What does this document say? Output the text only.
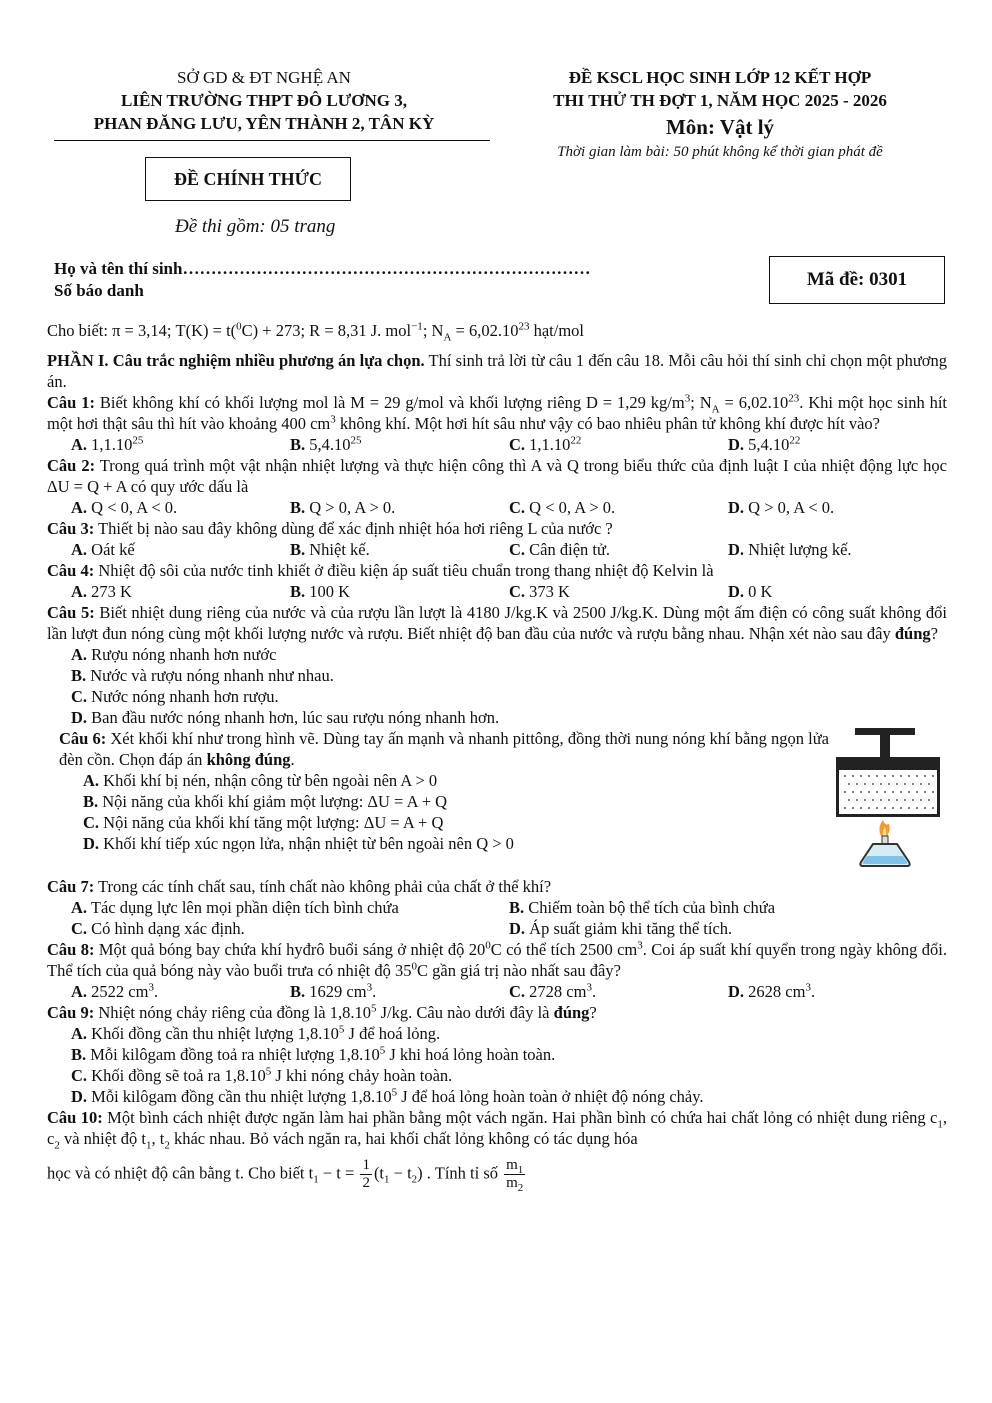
SỞ GD & ĐT NGHỆ AN
LIÊN TRƯỜNG THPT ĐÔ LƯƠNG 3,
PHAN ĐĂNG LƯU, YÊN THÀNH 2, TÂN KỲ
ĐỀ CHÍNH THỨC
Đề thi gồm: 05 trang
ĐỀ KSCL HỌC SINH LỚP 12 KẾT HỢP
THI THỬ TH ĐỢT 1, NĂM HỌC 2025 - 2026
Môn: Vật lý
Thời gian làm bài: 50 phút không kể thời gian phát đề
Họ và tên thí sinh………………………………………………………………
Số báo danh
Mã đề: 0301
Cho biết: π = 3,14; T(K) = t($^0$C) + 273; R = 8,31 J. mol$^{-1}$; $N_A = 6,02.10^{23}$ hạt/mol
PHẦN I. Câu trắc nghiệm nhiều phương án lựa chọn. Thí sinh trả lời từ câu 1 đến câu 18. Mỗi câu hỏi thí sinh chỉ chọn một phương án.
Câu 1: Biết không khí có khối lượng mol là M = 29 g/mol và khối lượng riêng D = 1,29 $kg/m^3$; $N_A = 6,02.10^{23}$. Khi một học sinh hít một hơi thật sâu thì hít vào khoảng 400 $cm^3$ không khí. Một hơi hít sâu như vậy có bao nhiêu phân tử không khí được hít vào?
A. 1,1.10$^{25}$	B. 5,4.10$^{25}$	C. 1,1.10$^{22}$	D. 5,4.10$^{22}$
Câu 2: Trong quá trình một vật nhận nhiệt lượng và thực hiện công thì A và Q trong biểu thức của định luật I của nhiệt động lực học ΔU = Q + A có quy ước dấu là
A. Q < 0, A < 0.	B. Q > 0, A > 0.	C. Q < 0, A > 0.	D. Q > 0, A < 0.
Câu 3: Thiết bị nào sau đây không dùng để xác định nhiệt hóa hơi riêng L của nước ?
A. Oát kế	B. Nhiệt kế.	C. Cân điện tử.	D. Nhiệt lượng kế.
Câu 4: Nhiệt độ sôi của nước tinh khiết ở điều kiện áp suất tiêu chuẩn trong thang nhiệt độ Kelvin là
A. 273 K	B. 100 K	C. 373 K	D. 0 K
Câu 5: Biết nhiệt dung riêng của nước và của rượu lần lượt là 4180 J/kg.K và 2500 J/kg.K. Dùng một ấm điện có công suất không đổi lần lượt đun nóng cùng một khối lượng nước và rượu. Biết nhiệt độ ban đầu của nước và rượu bằng nhau. Nhận xét nào sau đây đúng?
A. Rượu nóng nhanh hơn nước
B. Nước và rượu nóng nhanh như nhau.
C. Nước nóng nhanh hơn rượu.
D. Ban đầu nước nóng nhanh hơn, lúc sau rượu nóng nhanh hơn.
Câu 6: Xét khối khí như trong hình vẽ. Dùng tay ấn mạnh và nhanh pittông, đồng thời nung nóng khí bằng ngọn lửa đèn cồn. Chọn đáp án không đúng.
A. Khối khí bị nén, nhận công từ bên ngoài nên A > 0
B. Nội năng của khối khí giảm một lượng: ΔU = A + Q
C. Nội năng của khối khí tăng một lượng: ΔU = A + Q
D. Khối khí tiếp xúc ngọn lửa, nhận nhiệt từ bên ngoài nên Q > 0
Câu 7: Trong các tính chất sau, tính chất nào không phải của chất ở thể khí?
A. Tác dụng lực lên mọi phần diện tích bình chứa	B. Chiếm toàn bộ thể tích của bình chứa
C. Có hình dạng xác định.	D. Áp suất giảm khi tăng thể tích.
Câu 8: Một quả bóng bay chứa khí hyđrô buổi sáng ở nhiệt độ $20^0C$ có thể tích 2500 $cm^3$. Coi áp suất khí quyển trong ngày không đổi. Thể tích của quả bóng này vào buổi trưa có nhiệt độ $35^0C$ gần giá trị nào nhất sau đây?
A. 2522 $cm^3$.	B. 1629 $cm^3$.	C. 2728 $cm^3$.	D. 2628 $cm^3$.
Câu 9: Nhiệt nóng chảy riêng của đồng là 1,8.10$^5$ J/kg. Câu nào dưới đây là đúng?
A. Khối đồng cần thu nhiệt lượng 1,8.10$^5$ J để hoá lỏng.
B. Mỗi kilôgam đồng toả ra nhiệt lượng 1,8.10$^5$ J khi hoá lỏng hoàn toàn.
C. Khối đồng sẽ toả ra 1,8.10$^5$ J khi nóng chảy hoàn toàn.
D. Mỗi kilôgam đồng cần thu nhiệt lượng 1,8.10$^5$ J để hoá lỏng hoàn toàn ở nhiệt độ nóng chảy.
Câu 10: Một bình cách nhiệt được ngăn làm hai phần bằng một vách ngăn. Hai phần bình có chứa hai chất lỏng có nhiệt dung riêng $c_1$, $c_2$ và nhiệt độ $t_1$, $t_2$ khác nhau. Bỏ vách ngăn ra, hai khối chất lỏng không có tác dụng hóa
học và có nhiệt độ cân bằng t. Cho biết $t_1 - t = \frac{1}{2} (t_1 - t_2)$ . Tính tỉ số $\frac{m_1}{m_2}$
